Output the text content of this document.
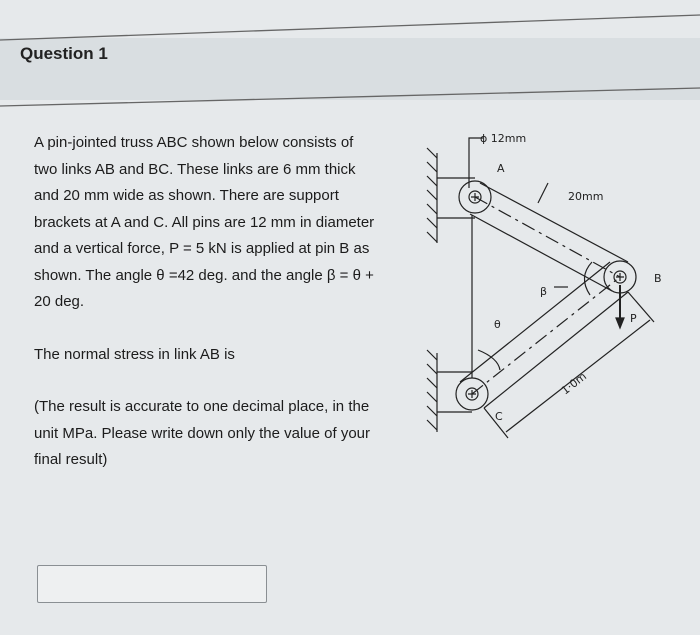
Question 1

A pin-jointed truss ABC shown below consists of

two links AB and BC. These links are 6 mm thick

and 20 mm wide as shown. There are support

brackets at A and C. All pins are 12 mm in diameter

and a vertical force, P = 5 kN is applied at pin B as

shown. The angle θ =42 deg. and the angle β = θ +

20 deg.

The normal stress in link AB is

(The result is accurate to one decimal place, in the

unit MPa. Please write down only the value of your

final result)

ϕ 12mm
A
20mm
B
P
β
θ
C
1·0m
